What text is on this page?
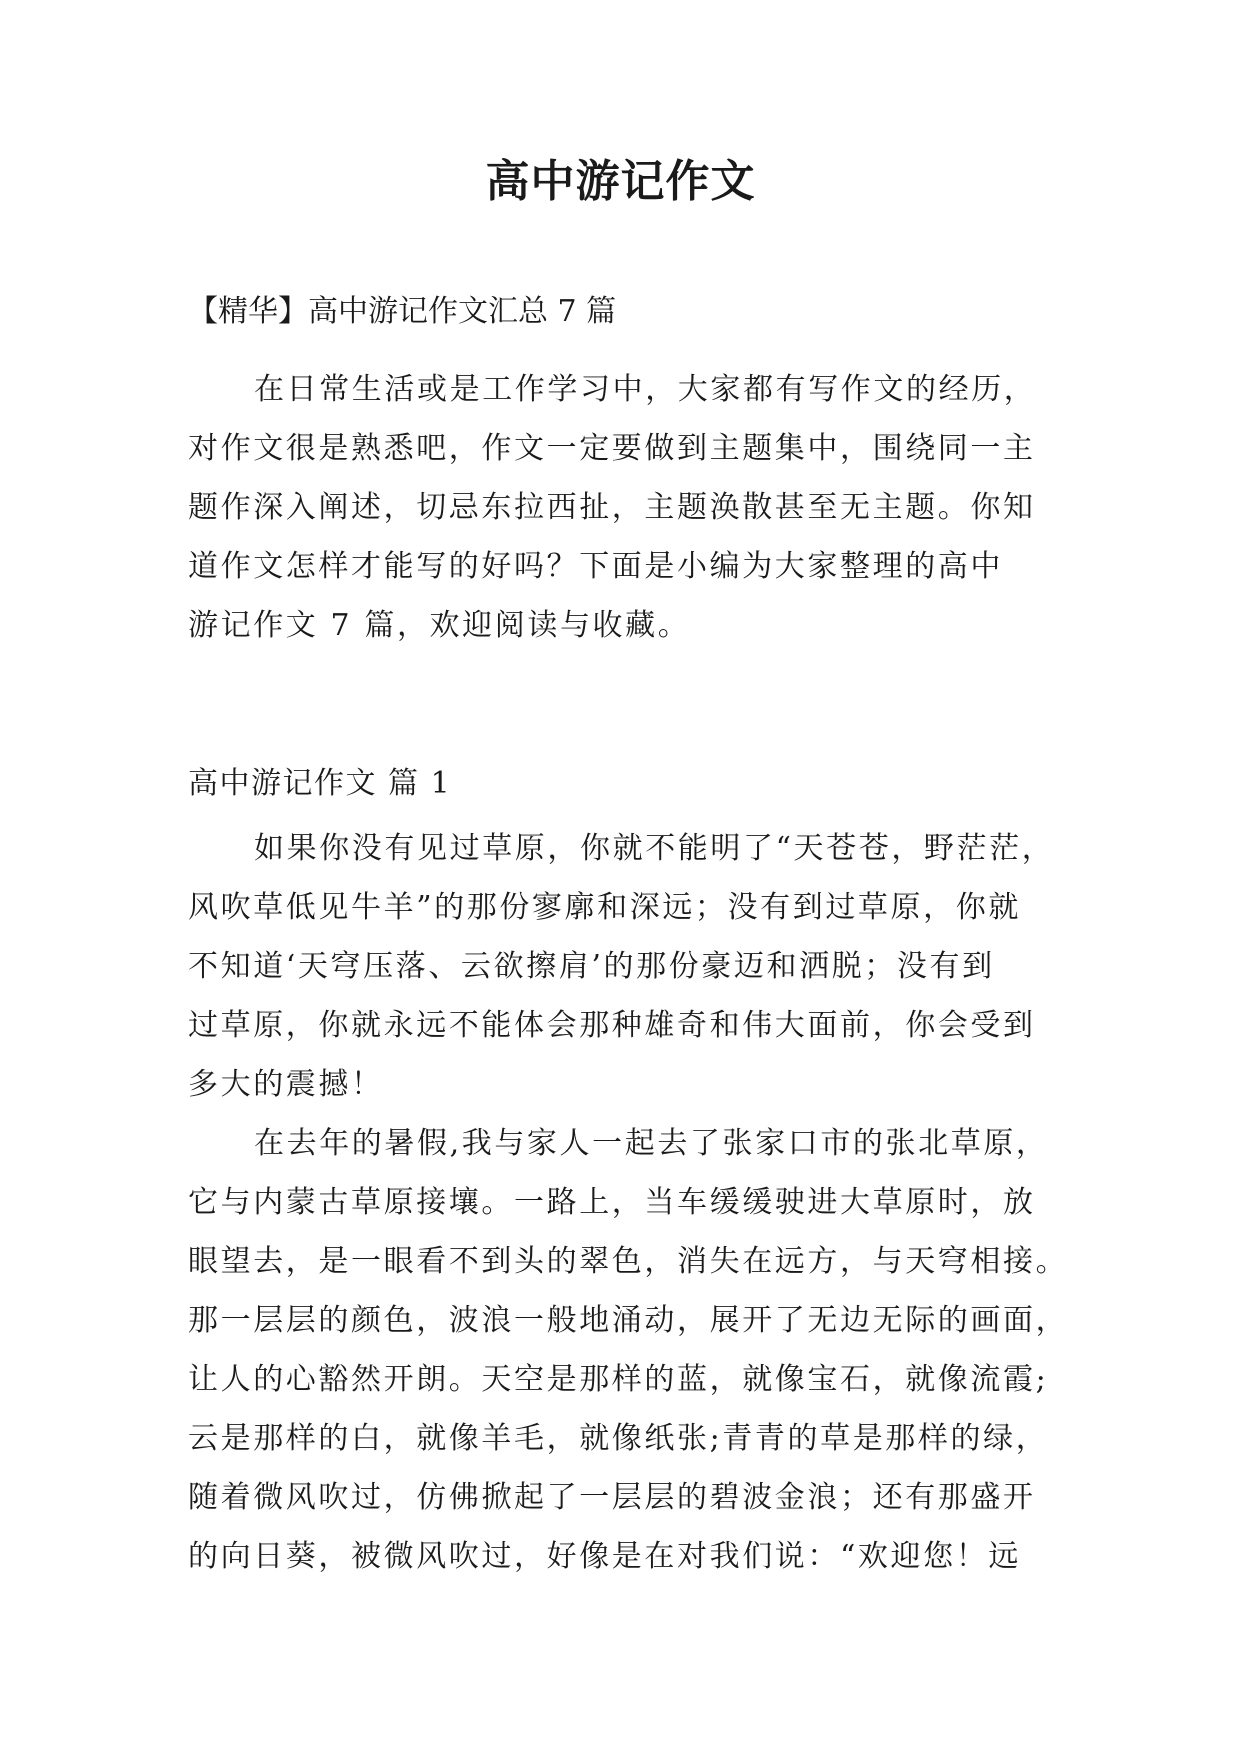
高中游记作文
【精华】高中游记作文汇总 7 篇
在日常生活或是工作学习中，大家都有写作文的经历，
对作文很是熟悉吧，作文一定要做到主题集中，围绕同一主
题作深入阐述，切忌东拉西扯，主题涣散甚至无主题。你知
道作文怎样才能写的好吗？下面是小编为大家整理的高中
游记作文 7 篇，欢迎阅读与收藏。
高中游记作文 篇 1
如果你没有见过草原，你就不能明了“天苍苍，野茫茫，
风吹草低见牛羊”的那份寥廓和深远；没有到过草原，你就
不知道‘天穹压落、云欲擦肩’的那份豪迈和洒脱；没有到
过草原，你就永远不能体会那种雄奇和伟大面前，你会受到
多大的震撼！
在去年的暑假,我与家人一起去了张家口市的张北草原，
它与内蒙古草原接壤。一路上，当车缓缓驶进大草原时，放
眼望去，是一眼看不到头的翠色，消失在远方，与天穹相接。
那一层层的颜色，波浪一般地涌动，展开了无边无际的画面，
让人的心豁然开朗。天空是那样的蓝，就像宝石，就像流霞;
云是那样的白，就像羊毛，就像纸张;青青的草是那样的绿，
随着微风吹过，仿佛掀起了一层层的碧波金浪；还有那盛开
的向日葵，被微风吹过，好像是在对我们说：“欢迎您！远
